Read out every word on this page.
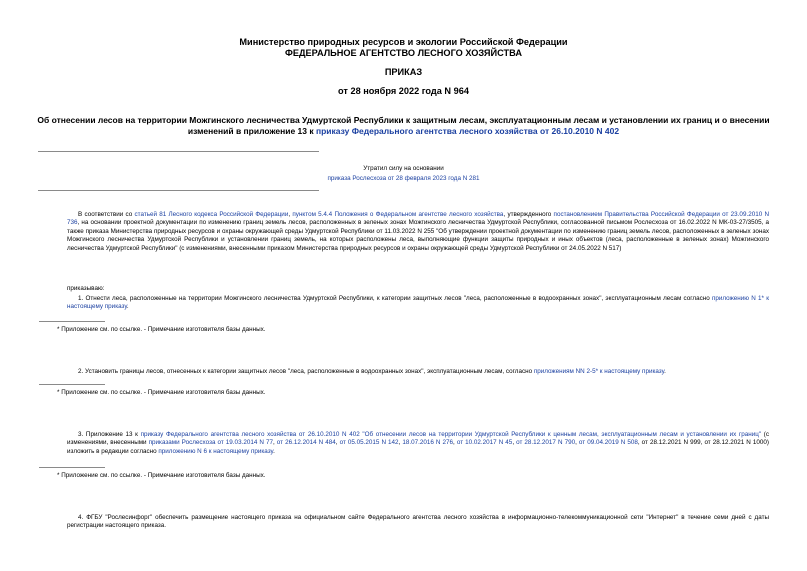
Министерство природных ресурсов и экологии Российской Федерации
ФЕДЕРАЛЬНОЕ АГЕНТСТВО ЛЕСНОГО ХОЗЯЙСТВА
ПРИКАЗ
от 28 ноября 2022 года N 964
Об отнесении лесов на территории Можгинского лесничества Удмуртской Республики к защитным лесам, эксплуатационным лесам и установлении их границ и о внесении изменений в приложение 13 к приказу Федерального агентства лесного хозяйства от 26.10.2010 N 402
Утратил силу на основании
приказа Рослесхоза от 28 февраля 2023 года N 281
В соответствии со статьей 81 Лесного кодекса Российской Федерации, пунктом 5.4.4 Положения о Федеральном агентстве лесного хозяйства, утвержденного постановлением Правительства Российской Федерации от 23.09.2010 N 736, на основании проектной документации по изменению границ земель лесов, расположенных в зеленых зонах Можгинского лесничества Удмуртской Республики, согласованной письмом Рослесхоза от 16.02.2022 N МК-03-27/3505, а также приказа Министерства природных ресурсов и охраны окружающей среды Удмуртской Республики от 11.03.2022 N 255 "Об утверждении проектной документации по изменению границ земель лесов, расположенных в зеленых зонах Можгинского лесничества Удмуртской Республики и установлении границ земель, на которых расположены леса, выполняющие функции защиты природных и иных объектов (леса, расположенные в зеленых зонах) Можгинского лесничества Удмуртской Республики" (с изменениями, внесенными приказом Министерства природных ресурсов и охраны окружающей среды Удмуртской Республики от 24.05.2022 N 517)
приказываю:
1. Отнести леса, расположенные на территории Можгинского лесничества Удмуртской Республики, к категории защитных лесов "леса, расположенные в водоохранных зонах", эксплуатационным лесам согласно приложению N 1* к настоящему приказу.
* Приложение см. по ссылке. - Примечание изготовителя базы данных.
2. Установить границы лесов, отнесенных к категории защитных лесов "леса, расположенные в водоохранных зонах", эксплуатационным лесам, согласно приложениям NN 2-5* к настоящему приказу.
* Приложение см. по ссылке. - Примечание изготовителя базы данных.
3. Приложение 13 к приказу Федерального агентства лесного хозяйства от 26.10.2010 N 402 "Об отнесении лесов на территории Удмуртской Республики к ценным лесам, эксплуатационным лесам и установлении их границ" (с изменениями, внесенными приказами Рослесхоза от 19.03.2014 N 77, от 26.12.2014 N 484, от 05.05.2015 N 142, 18.07.2016 N 276, от 10.02.2017 N 45, от 28.12.2017 N 790, от 09.04.2019 N 508, от 28.12.2021 N 999, от 28.12.2021 N 1000) изложить в редакции согласно приложению N 6 к настоящему приказу.
* Приложение см. по ссылке. - Примечание изготовителя базы данных.
4. ФГБУ "Рослесинфорг" обеспечить размещение настоящего приказа на официальном сайте Федерального агентства лесного хозяйства в информационно-телекоммуникационной сети "Интернет" в течение семи дней с даты регистрации настоящего приказа.
